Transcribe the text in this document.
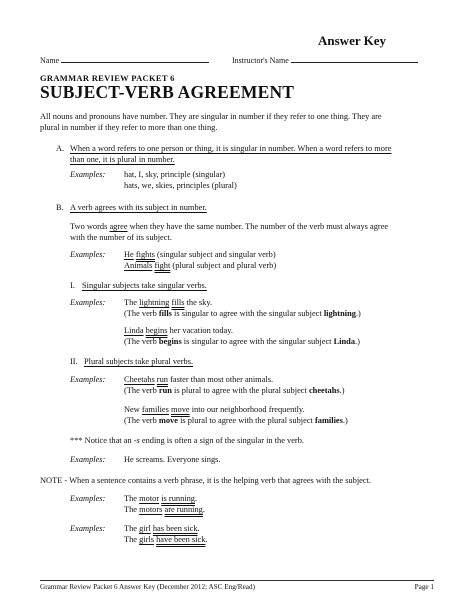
Answer Key
Name	Instructor's Name
GRAMMAR REVIEW PACKET 6
SUBJECT-VERB AGREEMENT
All nouns and pronouns have number. They are singular in number if they refer to one thing. They are
plural in number if they refer to more than one thing.
A. When a word refers to one person or thing, it is singular in number. When a word refers to more
than one, it is plural in number.
Examples: hat, I, sky, principle (singular)
hats, we, skies, principles (plural)
B. A verb agrees with its subject in number.
Two words agree when they have the same number. The number of the verb must always agree
with the number of its subject.
Examples: He fights (singular subject and singular verb)
Animals fight (plural subject and plural verb)
I. Singular subjects take singular verbs.
Examples: The lightning fills the sky.
(The verb fills is singular to agree with the singular subject lightning.)
Linda begins her vacation today.
(The verb begins is singular to agree with the singular subject Linda.)
II. Plural subjects take plural verbs.
Examples: Cheetahs run faster than most other animals.
(The verb run is plural to agree with the plural subject cheetahs.)
New families move into our neighborhood frequently.
(The verb move is plural to agree with the plural subject families.)
*** Notice that an -s ending is often a sign of the singular in the verb.
Examples: He screams. Everyone sings.
NOTE - When a sentence contains a verb phrase, it is the helping verb that agrees with the subject.
Examples: The motor is running.
The motors are running.
Examples: The girl has been sick.
The girls have been sick.
Grammar Review Packet 6 Answer Key (December 2012; ASC Eng/Read)	Page 1
